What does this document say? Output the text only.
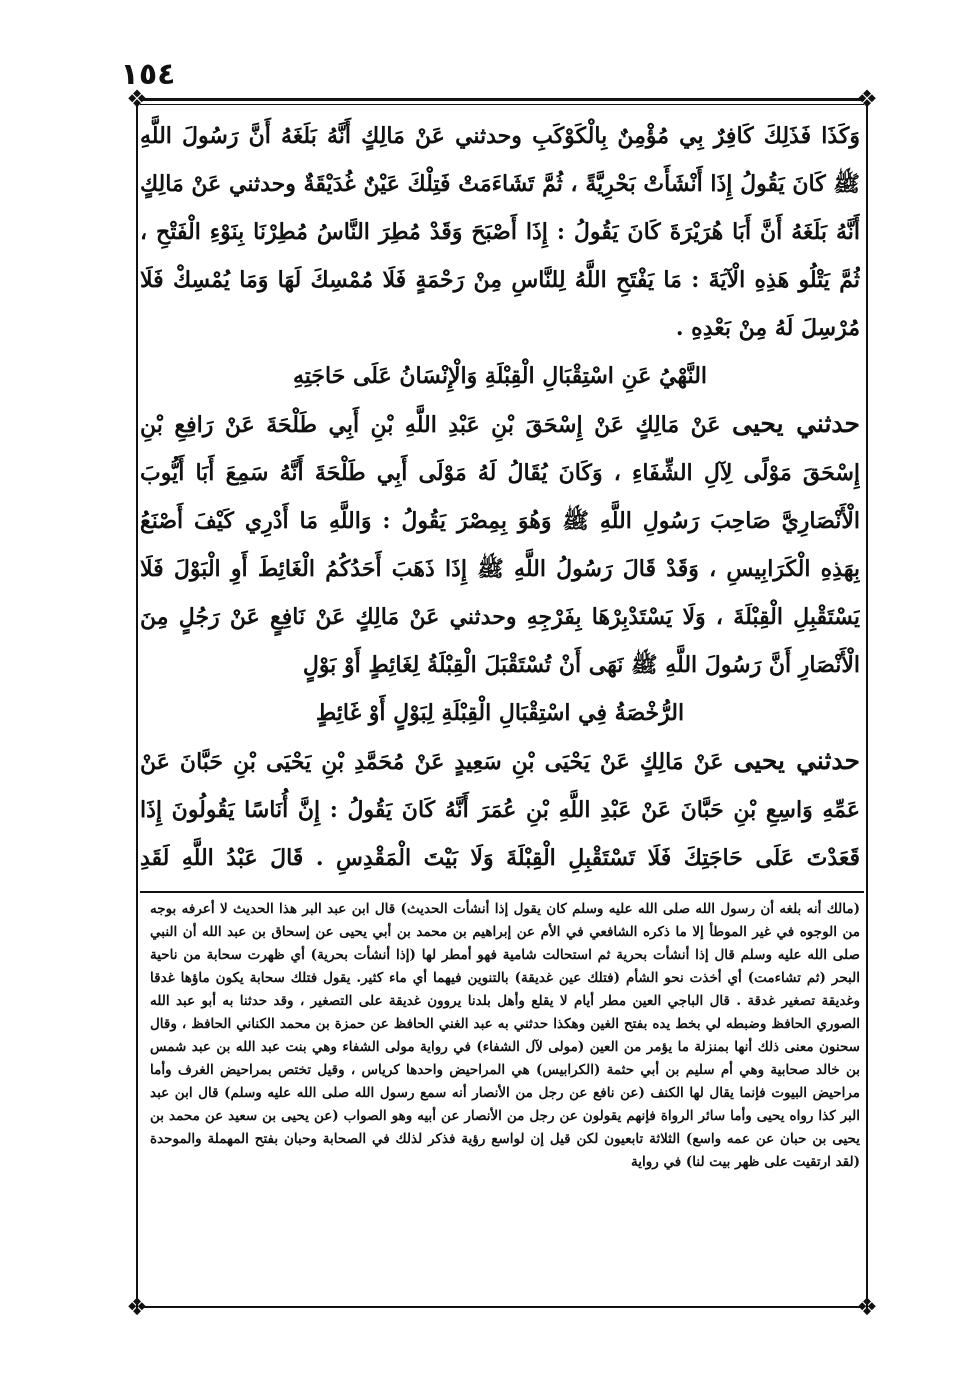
١٥٤
❖	❖
❖	❖

وَكَذَا فَذَلِكَ كَافِرٌ بِي مُؤْمِنٌ بِالْكَوْكَبِ ‌وحدثني عَنْ مَالِكٍ أَنَّهُ بَلَغَهُ أَنَّ رَسُولَ اللَّهِ ﷺ كَانَ يَقُولُ إِذَا أَنْشَأَتْ بَحْرِيَّةً ، ثُمَّ تَشَاءَمَتْ فَتِلْكَ عَيْنٌ غُدَيْقَةٌ ‌وحدثني عَنْ مَالِكٍ أَنَّهُ بَلَغَهُ أَنَّ أَبَا هُرَيْرَةَ كَانَ يَقُولُ : إِذَا أَصْبَحَ وَقَدْ مُطِرَ النَّاسُ مُطِرْنَا بِنَوْءِ الْفَتْحِ ، ثُمَّ يَتْلُو هَذِهِ الْآيَةَ : مَا يَفْتَحِ اللَّهُ لِلنَّاسِ مِنْ رَحْمَةٍ فَلَا مُمْسِكَ لَهَا وَمَا يُمْسِكْ فَلَا مُرْسِلَ لَهُ مِنْ بَعْدِهِ .

النَّهْيُ عَنِ اسْتِقْبَالِ الْقِبْلَةِ وَالْإِنْسَانُ عَلَى حَاجَتِهِ

حدثني يحيى عَنْ مَالِكٍ عَنْ إِسْحَقَ بْنِ عَبْدِ اللَّهِ بْنِ أَبِي طَلْحَةَ عَنْ رَافِعِ بْنِ إِسْحَقَ مَوْلًى لِآلِ الشِّفَاءِ ، وَكَانَ يُقَالُ لَهُ مَوْلَى أَبِي طَلْحَةَ أَنَّهُ سَمِعَ أَبَا أَيُّوبَ الْأَنْصَارِيَّ صَاحِبَ رَسُولِ اللَّهِ ﷺ وَهُوَ بِمِصْرَ يَقُولُ : وَاللَّهِ مَا أَدْرِي كَيْفَ أَصْنَعُ بِهَذِهِ الْكَرَابِيسِ ، وَقَدْ قَالَ رَسُولُ اللَّهِ ﷺ إِذَا ذَهَبَ أَحَدُكُمُ الْغَائِطَ أَوِ الْبَوْلَ فَلَا يَسْتَقْبِلِ الْقِبْلَةَ ، وَلَا يَسْتَدْبِرْهَا بِفَرْجِهِ وحدثني عَنْ مَالِكٍ عَنْ نَافِعٍ عَنْ رَجُلٍ مِنَ الْأَنْصَارِ أَنَّ رَسُولَ اللَّهِ ﷺ نَهَى أَنْ تُسْتَقْبَلَ الْقِبْلَةُ لِغَائِطٍ أَوْ بَوْلٍ

الرُّخْصَةُ فِي اسْتِقْبَالِ الْقِبْلَةِ لِبَوْلٍ أَوْ غَائِطٍ

حدثني يحيى عَنْ مَالِكٍ عَنْ يَحْيَى بْنِ سَعِيدٍ عَنْ مُحَمَّدِ بْنِ يَحْيَى بْنِ حَبَّانَ عَنْ عَمِّهِ وَاسِعِ بْنِ حَبَّانَ عَنْ عَبْدِ اللَّهِ بْنِ عُمَرَ أَنَّهُ كَانَ يَقُولُ : إِنَّ أُنَاسًا يَقُولُونَ إِذَا قَعَدْتَ عَلَى حَاجَتِكَ فَلَا تَسْتَقْبِلِ الْقِبْلَةَ وَلَا بَيْتَ الْمَقْدِسِ . قَالَ عَبْدُ اللَّهِ لَقَدِ

(مالك أنه بلغه أن رسول الله صلى الله عليه وسلم كان يقول إذا أنشأت الحديث) قال ابن عبد البر هذا الحديث لا أعرفه بوجه من الوجوه في غير الموطأ إلا ما ذكره الشافعي في الأم عن إبراهيم بن محمد بن أبي يحيى عن إسحاق بن عبد الله أن النبي صلى الله عليه وسلم قال إذا أنشأت بحرية ثم استحالت شامية فهو أمطر لها (إذا أنشأت بحرية) أي ظهرت سحابة من ناحية البحر (ثم تشاءمت) أي أخذت نحو الشأم (فتلك عين غديقة) بالتنوين فيهما أي ماء كثير. يقول فتلك سحابة يكون ماؤها غدقا وغديقة تصغير غدقة . قال الباجي العين مطر أيام لا يقلع وأهل بلدنا يروون غديقة على التصغير ، وقد حدثنا به أبو عبد الله الصوري الحافظ وضبطه لي بخط يده بفتح الغين وهكذا حدثني به عبد الغني الحافظ عن حمزة بن محمد الكناني الحافظ ، وقال سحنون معنى ذلك أنها بمنزلة ما يؤمر من العين (مولى لآل الشفاء) في رواية مولى الشفاء وهي بنت عبد الله بن عبد شمس بن خالد صحابية وهي أم سليم بن أبي حثمة (الكرابيس) هي المراحيض واحدها كرياس ، وقيل تختص بمراحيض الغرف وأما مراحيض البيوت فإنما يقال لها الكنف (عن نافع عن رجل من الأنصار أنه سمع رسول الله صلى الله عليه وسلم) قال ابن عبد البر كذا رواه يحيى وأما سائر الرواة فإنهم يقولون عن رجل من الأنصار عن أبيه وهو الصواب (عن يحيى بن سعيد عن محمد بن يحيى بن حبان عن عمه واسع) الثلاثة تابعيون لكن قيل إن لواسع رؤية فذكر لذلك في الصحابة وحبان بفتح المهملة والموحدة (لقد ارتقيت على ظهر بيت لنا) في رواية
